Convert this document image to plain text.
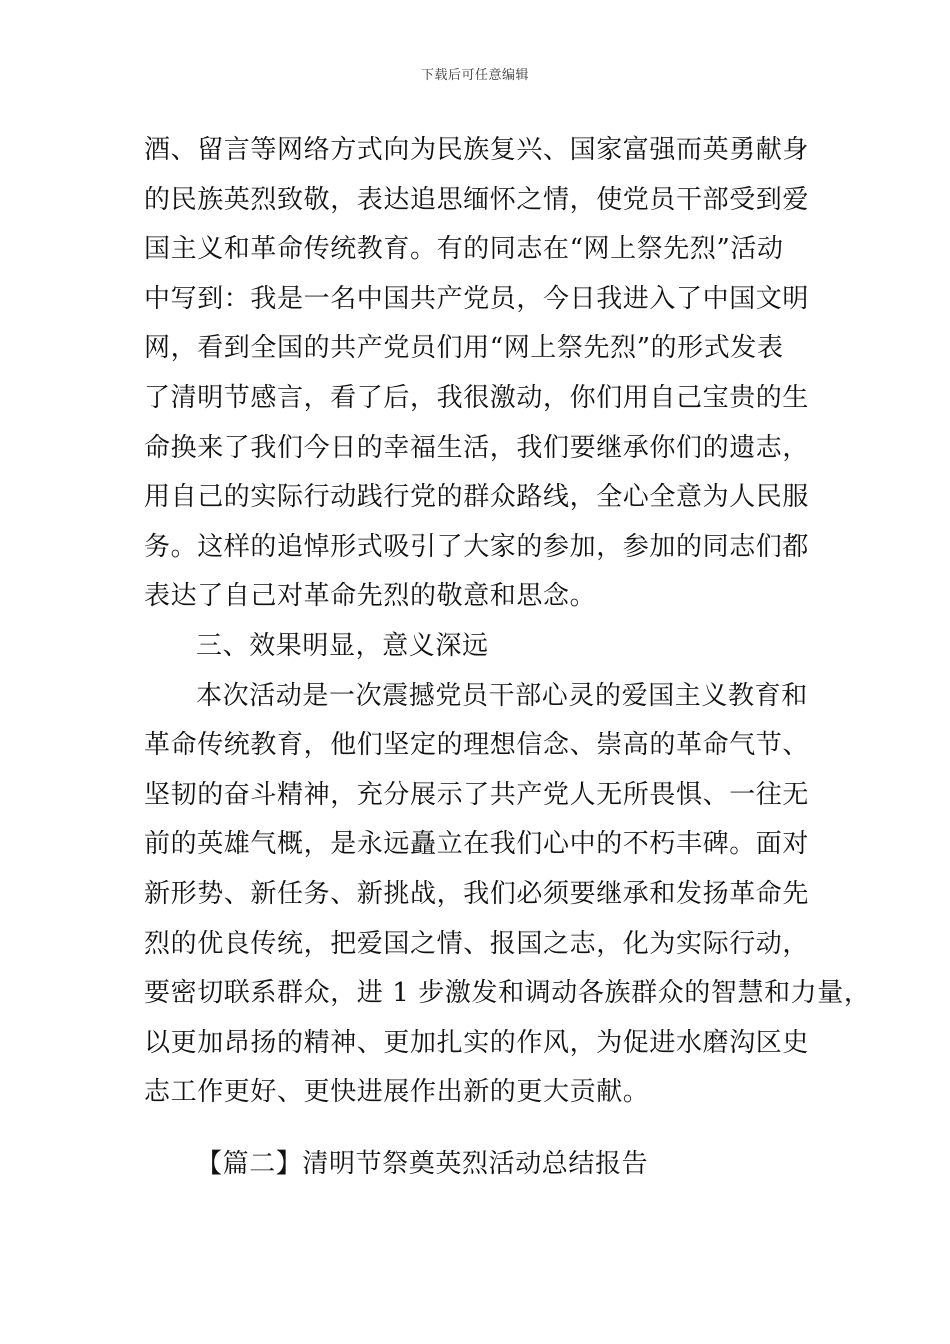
下载后可任意编辑
酒、留言等网络方式向为民族复兴、国家富强而英勇献身
的民族英烈致敬，表达追思缅怀之情，使党员干部受到爱
国主义和革命传统教育。有的同志在“网上祭先烈”活动
中写到：我是一名中国共产党员，今日我进入了中国文明
网，看到全国的共产党员们用“网上祭先烈”的形式发表
了清明节感言，看了后，我很激动，你们用自己宝贵的生
命换来了我们今日的幸福生活，我们要继承你们的遗志，
用自己的实际行动践行党的群众路线，全心全意为人民服
务。这样的追悼形式吸引了大家的参加，参加的同志们都
表达了自己对革命先烈的敬意和思念。
三、效果明显，意义深远
本次活动是一次震撼党员干部心灵的爱国主义教育和
革命传统教育，他们坚定的理想信念、崇高的革命气节、
坚韧的奋斗精神，充分展示了共产党人无所畏惧、一往无
前的英雄气概，是永远矗立在我们心中的不朽丰碑。面对
新形势、新任务、新挑战，我们必须要继承和发扬革命先
烈的优良传统，把爱国之情、报国之志，化为实际行动，
要密切联系群众，进 1 步激发和调动各族群众的智慧和力量，
以更加昂扬的精神、更加扎实的作风，为促进水磨沟区史
志工作更好、更快进展作出新的更大贡献。
【篇二】清明节祭奠英烈活动总结报告
